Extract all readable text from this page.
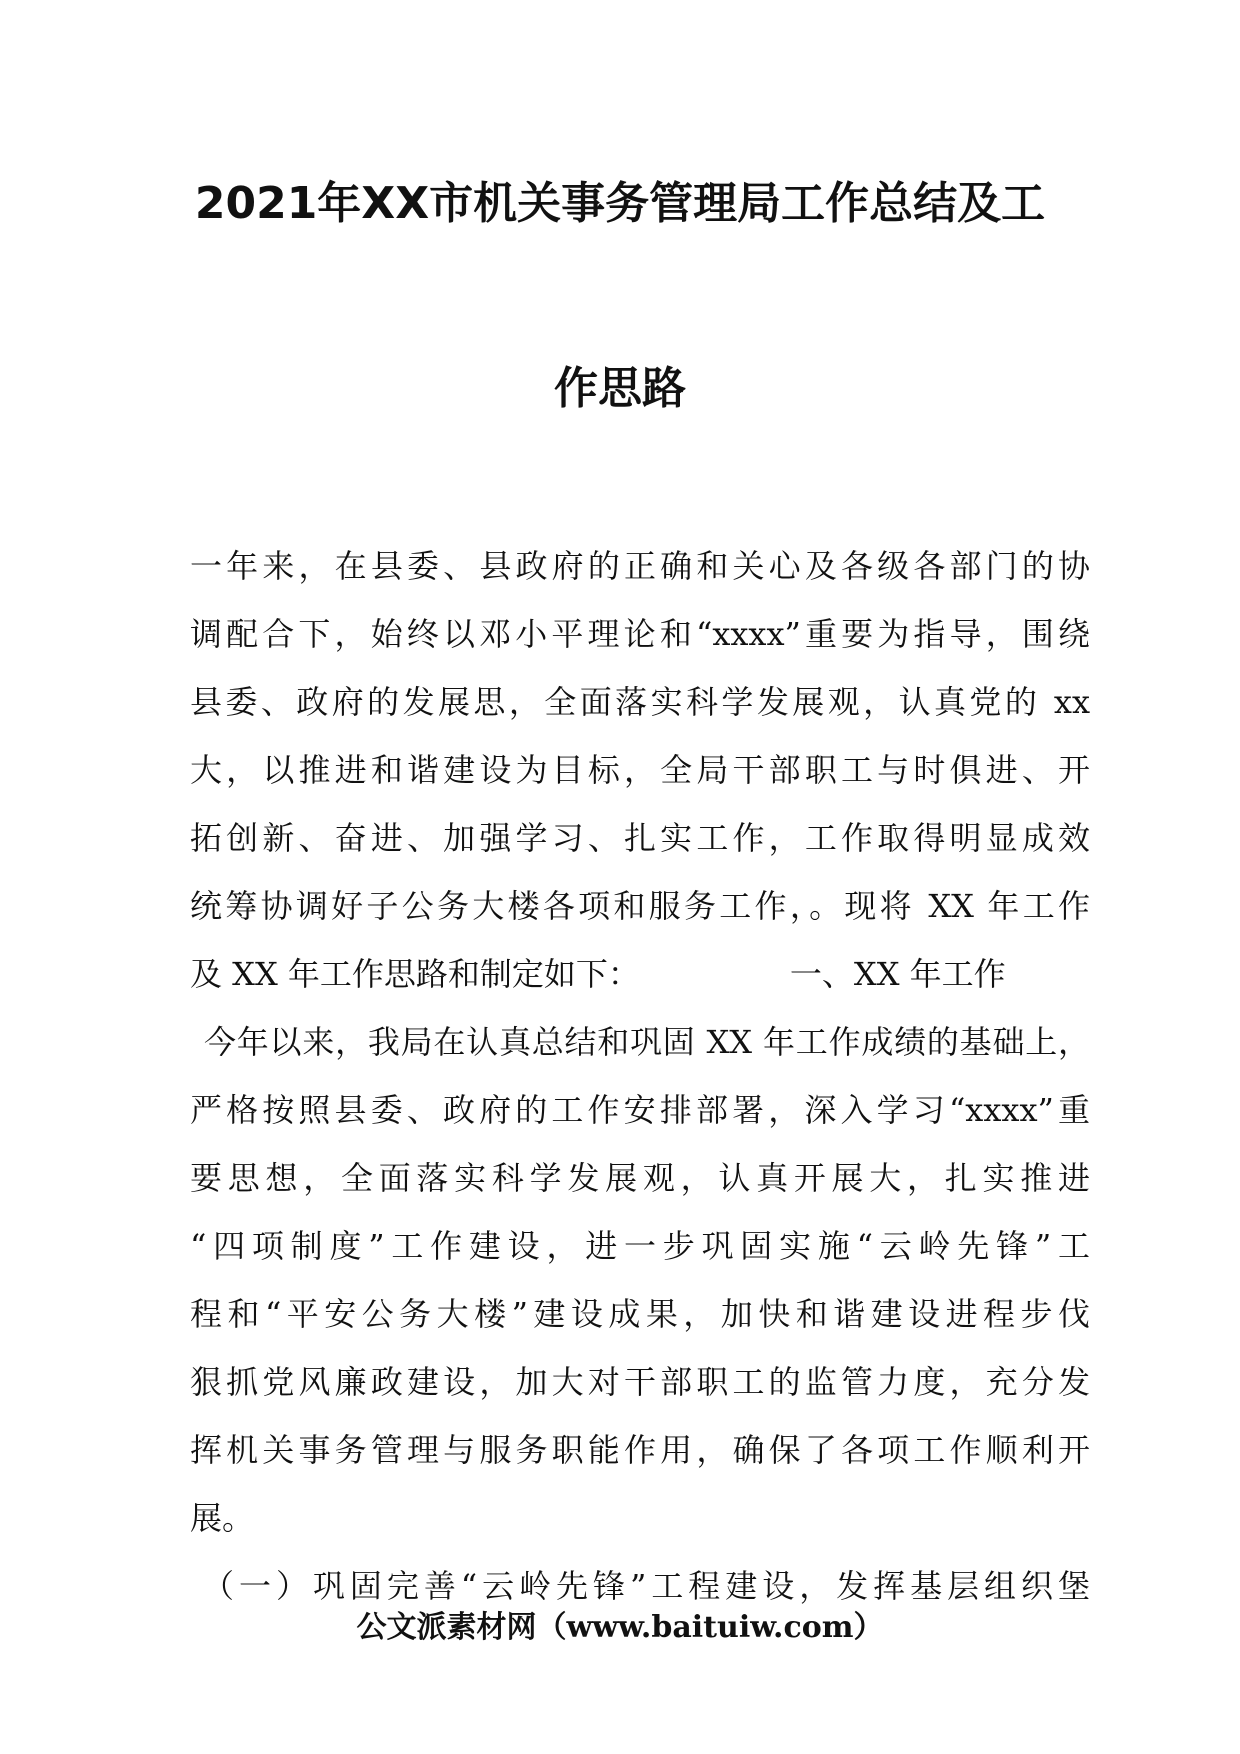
2021年XX市机关事务管理局工作总结及工
作思路
一年来，在县委、县政府的正确和关心及各级各部门的协
调配合下，始终以邓小平理论和“xxxx”重要为指导，围绕
县委、政府的发展思，全面落实科学发展观，认真党的 xx
大，以推进和谐建设为目标，全局干部职工与时俱进、开
拓创新、奋进、加强学习、扎实工作，工作取得明显成效
统筹协调好子公务大楼各项和服务工作，。现将 XX 年工作
及 XX 年工作思路和制定如下：	一、XX 年工作
今年以来，我局在认真总结和巩固 XX 年工作成绩的基础上，
严格按照县委、政府的工作安排部署，深入学习“xxxx”重
要思想，全面落实科学发展观，认真开展大，扎实推进
“四项制度”工作建设，进一步巩固实施“云岭先锋”工
程和“平安公务大楼”建设成果，加快和谐建设进程步伐
狠抓党风廉政建设，加大对干部职工的监管力度，充分发
挥机关事务管理与服务职能作用，确保了各项工作顺利开
展。
（一）巩固完善“云岭先锋”工程建设，发挥基层组织堡
公文派素材网（www.baituiw.com）
